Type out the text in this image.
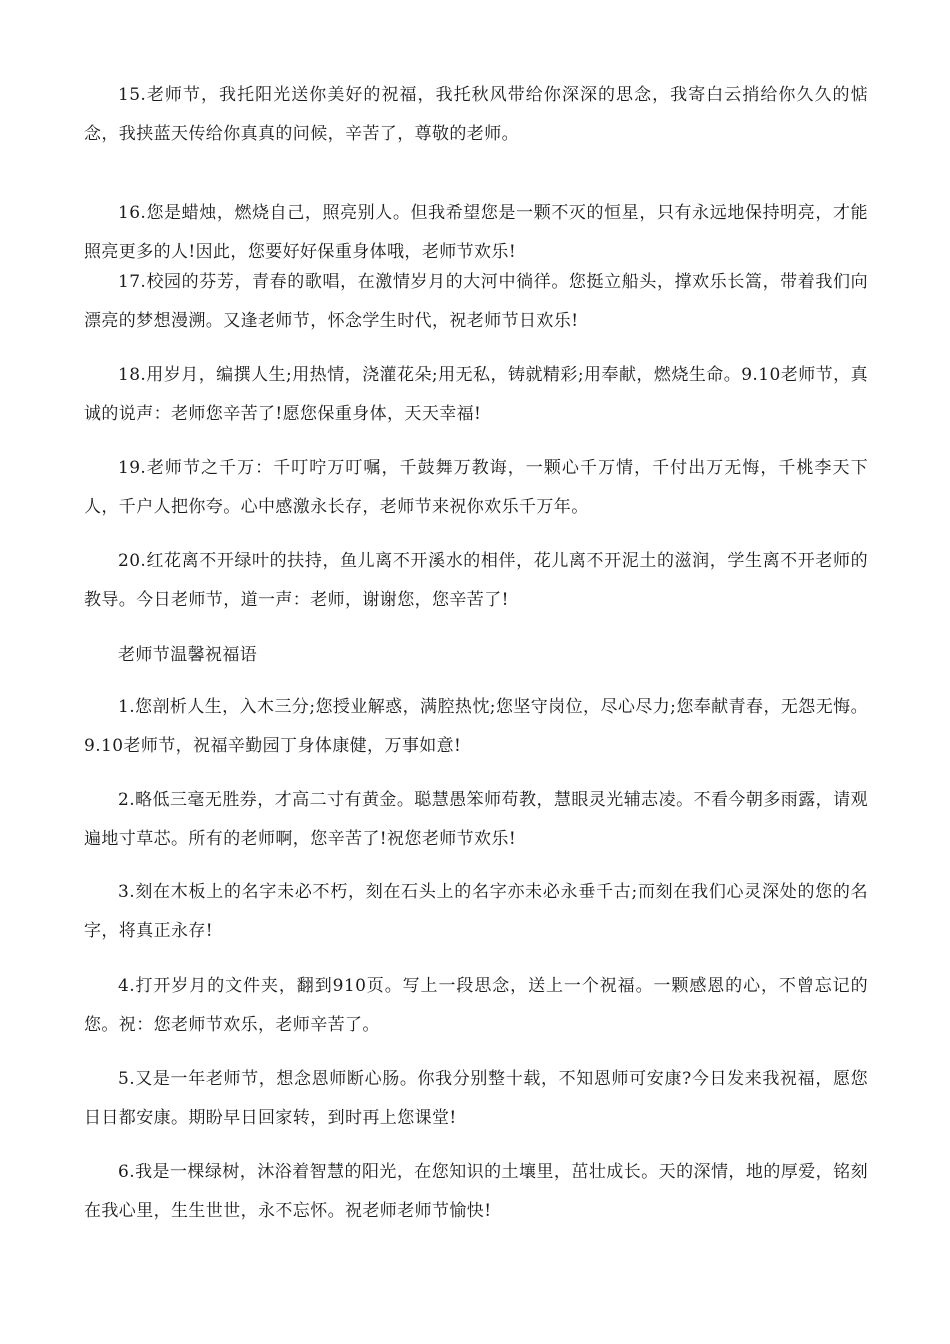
15.老师节，我托阳光送你美好的祝福，我托秋风带给你深深的思念，我寄白云捎给你久久的惦念，我挟蓝天传给你真真的问候，辛苦了，尊敬的老师。

16.您是蜡烛，燃烧自己，照亮别人。但我希望您是一颗不灭的恒星，只有永远地保持明亮，才能照亮更多的人!因此，您要好好保重身体哦，老师节欢乐!

17.校园的芬芳，青春的歌唱，在激情岁月的大河中徜徉。您挺立船头，撑欢乐长篙，带着我们向漂亮的梦想漫溯。又逢老师节，怀念学生时代，祝老师节日欢乐!

18.用岁月，编撰人生;用热情，浇灌花朵;用无私，铸就精彩;用奉献，燃烧生命。9.10老师节，真诚的说声：老师您辛苦了!愿您保重身体，天天幸福!

19.老师节之千万：千叮咛万叮嘱，千鼓舞万教诲，一颗心千万情，千付出万无悔，千桃李天下人，千户人把你夸。心中感激永长存，老师节来祝你欢乐千万年。

20.红花离不开绿叶的扶持，鱼儿离不开溪水的相伴，花儿离不开泥土的滋润，学生离不开老师的教导。今日老师节，道一声：老师，谢谢您，您辛苦了!

老师节温馨祝福语

1.您剖析人生，入木三分;您授业解惑，满腔热忱;您坚守岗位，尽心尽力;您奉献青春，无怨无悔。9.10老师节，祝福辛勤园丁身体康健，万事如意!

2.略低三毫无胜券，才高二寸有黄金。聪慧愚笨师苟教，慧眼灵光辅志凌。不看今朝多雨露，请观遍地寸草芯。所有的老师啊，您辛苦了!祝您老师节欢乐!

3.刻在木板上的名字未必不朽，刻在石头上的名字亦未必永垂千古;而刻在我们心灵深处的您的名字，将真正永存!

4.打开岁月的文件夹，翻到910页。写上一段思念，送上一个祝福。一颗感恩的心，不曾忘记的您。祝：您老师节欢乐，老师辛苦了。

5.又是一年老师节，想念恩师断心肠。你我分别整十载，不知恩师可安康?今日发来我祝福，愿您日日都安康。期盼早日回家转，到时再上您课堂!

6.我是一棵绿树，沐浴着智慧的阳光，在您知识的土壤里，茁壮成长。天的深情，地的厚爱，铭刻在我心里，生生世世，永不忘怀。祝老师老师节愉快!
